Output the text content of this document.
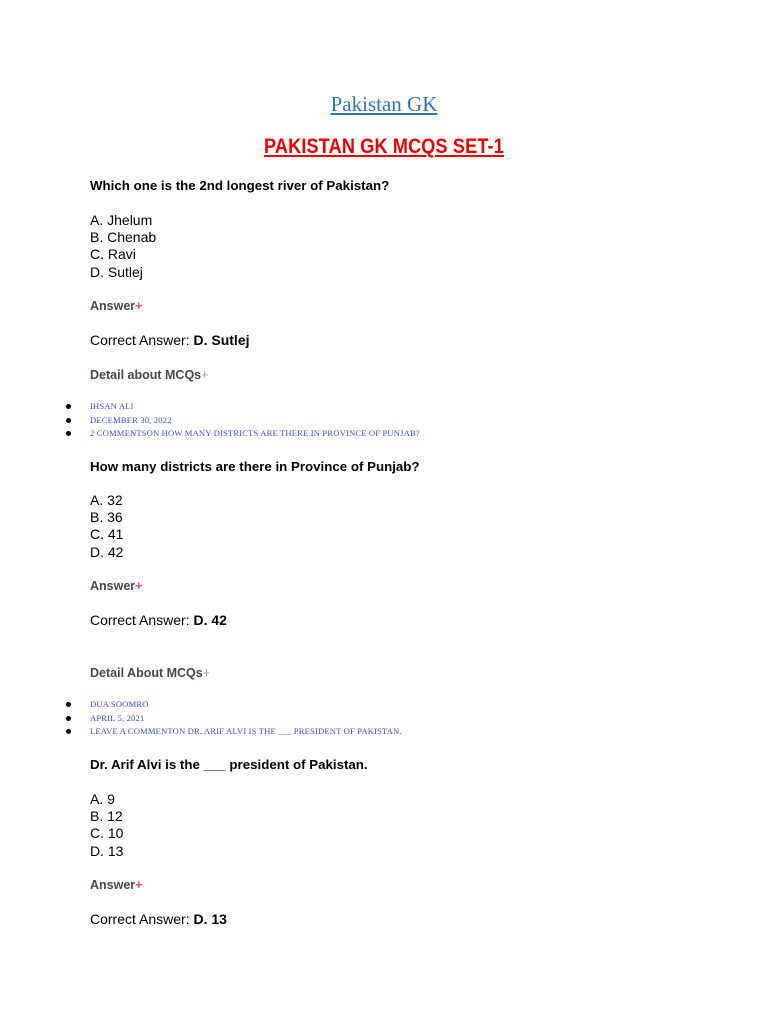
Pakistan GK
PAKISTAN GK MCQS SET-1
Which one is the 2nd longest river of Pakistan?
A. Jhelum
B. Chenab
C. Ravi
D. Sutlej
Answer+
Correct Answer: D. Sutlej
Detail about MCQs+
IHSAN ALI
DECEMBER 30, 2022
2 COMMENTSON HOW MANY DISTRICTS ARE THERE IN PROVINCE OF PUNJAB?
How many districts are there in Province of Punjab?
A. 32
B. 36
C. 41
D. 42
Answer+
Correct Answer: D. 42
Detail About MCQs+
DUA SOOMRO
APRIL 5, 2021
LEAVE A COMMENTON DR. ARIF ALVI IS THE ___ PRESIDENT OF PAKISTAN.
Dr. Arif Alvi is the ___ president of Pakistan.
A. 9
B. 12
C. 10
D. 13
Answer+
Correct Answer: D. 13
